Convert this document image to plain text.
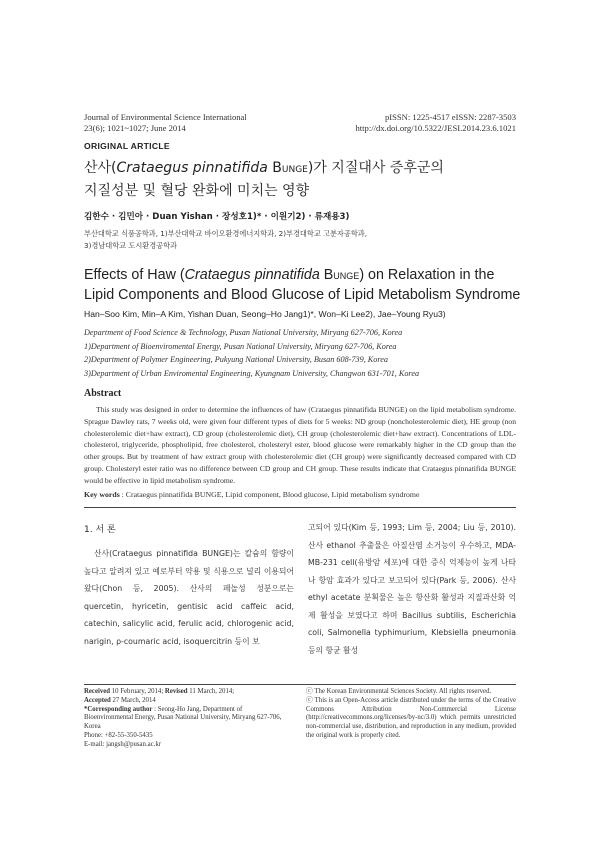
Journal of Environmental Science International
23(6); 1021~1027; June 2014
pISSN: 1225-4517 eISSN: 2287-3503
http://dx.doi.org/10.5322/JESI.2014.23.6.1021
ORIGINAL ARTICLE
산사(Crataegus pinnatifida BUNGE)가 지질대사 증후군의
지질성분 및 혈당 완화에 미치는 영향
김한수 · 김민아 · Duan Yishan · 장성호1)* · 이원기2) · 류재용3)
부산대학교 식품공학과, 1)부산대학교 바이오환경에너지학과, 2)부경대학교 고분자공학과,
3)경남대학교 도시환경공학과
Effects of Haw (Crataegus pinnatifida BUNGE) on Relaxation in the
Lipid Components and Blood Glucose of Lipid Metabolism Syndrome
Han–Soo Kim, Min–A Kim, Yishan Duan, Seong–Ho Jang1)*, Won–Ki Lee2), Jae–Young Ryu3)
Department of Food Science & Technology, Pusan National University, Miryang 627-706, Korea
1)Department of Bioenviromental Energy, Pusan National University, Miryang 627-706, Korea
2)Department of Polymer Engineering, Pukyung National University, Busan 608-739, Korea
3)Department of Urban Enviromental Engineering, Kyungnam University, Changwon 631-701, Korea
Abstract
This study was designed in order to determine the influences of haw (Crataegus pinnatifida BUNGE) on the lipid metabolism syndrome. Sprague Dawley rats, 7 weeks old, were given four different types of diets for 5 weeks: ND group (noncholesterolemic diet), HE group (non cholesterolemic diet+haw extract), CD group (cholesterolemic diet), CH group (cholesterolemic diet+haw extract). Concentrations of LDL-cholesterol, triglyceride, phospholipid, free cholesterol, cholesteryl ester, blood glucose were remarkably higher in the CD group than the other groups. But by treatment of haw extract group with cholesterolemic diet (CH group) were significantly decreased compared with CD group. Cholesteryl ester ratio was no difference between CD group and CH group. These results indicate that Crataegus pinnatifida BUNGE would be effective in lipid metabolism syndrome.
Key words : Crataegus pinnatifida BUNGE, Lipid component, Blood glucose, Lipid metabolism syndrome
1. 서 론
산사(Crataegus pinnatifida BUNGE)는 칼슘의 함량이 높다고 알려져 있고 예로부터 약용 및 식용으로 널리 이용되어 왔다(Chon 등, 2005). 산사의 페놀성 성분으로는 quercetin, hyricetin, gentisic acid caffeic acid, catechin, salicylic acid, ferulic acid, chlorogenic acid, narigin, ρ-coumaric acid, isoquercitrin 등이 보
고되어 있다(Kim 등, 1993; Lim 등, 2004; Liu 등, 2010). 산사 ethanol 추출물은 아질산염 소거능이 우수하고, MDA- MB-231 cell(유방암 세포)에 대한 증식 억제능이 높게 나타나 항암 효과가 있다고 보고되어 있다(Park 등, 2006). 산사 ethyl acetate 분획물은 높은 항산화 활성과 지질과산화 억제 활성을 보였다고 하며 Bacillus subtilis, Escherichia coli, Salmonella typhimurium, Klebsiella pneumonia 등의 항균 활성
Received 10 February, 2014; Revised 11 March, 2014;
Accepted 27 March, 2014
*Corresponding author : Seong-Ho Jang, Department of Bioenvironmental Energy, Pusan National University, Miryang 627-706, Korea
Phone: +82-55-350-5435
E-mail: jangsh@pusan.ac.kr
ⓒ The Korean Environmental Sciences Society. All rights reserved.
ⓒ This is an Open-Access article distributed under the terms of the Creative Commons Attribution Non-Commercial License (http://creativecommons.org/licenses/by-nc/3.0) which permits unrestricted non-commercial use, distribution, and reproduction in any medium, provided the original work is properly cited.
